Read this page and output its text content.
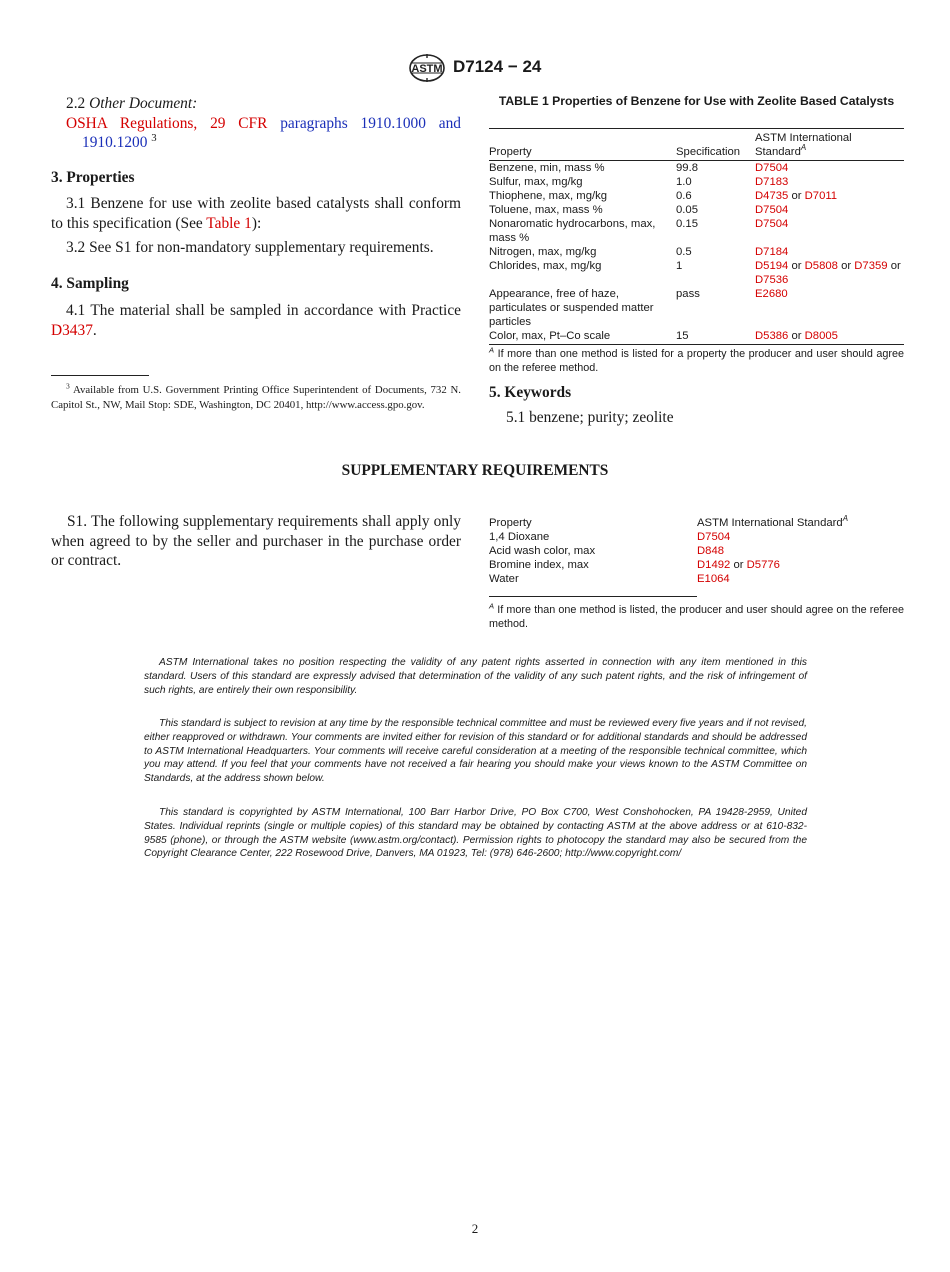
ASTM D7124 − 24
2.2 Other Document:
OSHA Regulations, 29 CFR paragraphs 1910.1000 and
1910.1200 $^3$
3. Properties
3.1 Benzene for use with zeolite based catalysts shall conform to this specification (See Table 1):
3.2 See S1 for non-mandatory supplementary requirements.
4. Sampling
4.1 The material shall be sampled in accordance with Practice D3437.
$^3$ Available from U.S. Government Printing Office Superintendent of Documents, 732 N. Capitol St., NW, Mail Stop: SDE, Washington, DC 20401, http://www.access.gpo.gov.
TABLE 1 Properties of Benzene for Use with Zeolite Based Catalysts
Property	Specification	ASTM International Standard$^A$
Benzene, min, mass %	99.8	D7504
Sulfur, max, mg/kg	1.0	D7183
Thiophene, max, mg/kg	0.6	D4735 or D7011
Toluene, max, mass %	0.05	D7504
Nonaromatic hydrocarbons, max, mass %	0.15	D7504
Nitrogen, max, mg/kg	0.5	D7184
Chlorides, max, mg/kg	1	D5194 or D5808 or D7359 or D7536
Appearance, free of haze, particulates or suspended matter particles	pass	E2680
Color, max, Pt–Co scale	15	D5386 or D8005
$^A$ If more than one method is listed for a property the producer and user should agree on the referee method.
5. Keywords
5.1 benzene; purity; zeolite
SUPPLEMENTARY REQUIREMENTS
S1. The following supplementary requirements shall apply only when agreed to by the seller and purchaser in the purchase order or contract.
Property	ASTM International Standard$^A$
1,4 Dioxane	D7504
Acid wash color, max	D848
Bromine index, max	D1492 or D5776
Water	E1064
$^A$ If more than one method is listed, the producer and user should agree on the referee method.
ASTM International takes no position respecting the validity of any patent rights asserted in connection with any item mentioned in this standard. Users of this standard are expressly advised that determination of the validity of any such patent rights, and the risk of infringement of such rights, are entirely their own responsibility.
This standard is subject to revision at any time by the responsible technical committee and must be reviewed every five years and if not revised, either reapproved or withdrawn. Your comments are invited either for revision of this standard or for additional standards and should be addressed to ASTM International Headquarters. Your comments will receive careful consideration at a meeting of the responsible technical committee, which you may attend. If you feel that your comments have not received a fair hearing you should make your views known to the ASTM Committee on Standards, at the address shown below.
This standard is copyrighted by ASTM International, 100 Barr Harbor Drive, PO Box C700, West Conshohocken, PA 19428-2959, United States. Individual reprints (single or multiple copies) of this standard may be obtained by contacting ASTM at the above address or at 610-832-9585 (phone), or through the ASTM website (www.astm.org/contact). Permission rights to photocopy the standard may also be secured from the Copyright Clearance Center, 222 Rosewood Drive, Danvers, MA 01923, Tel: (978) 646-2600; http://www.copyright.com/
2
